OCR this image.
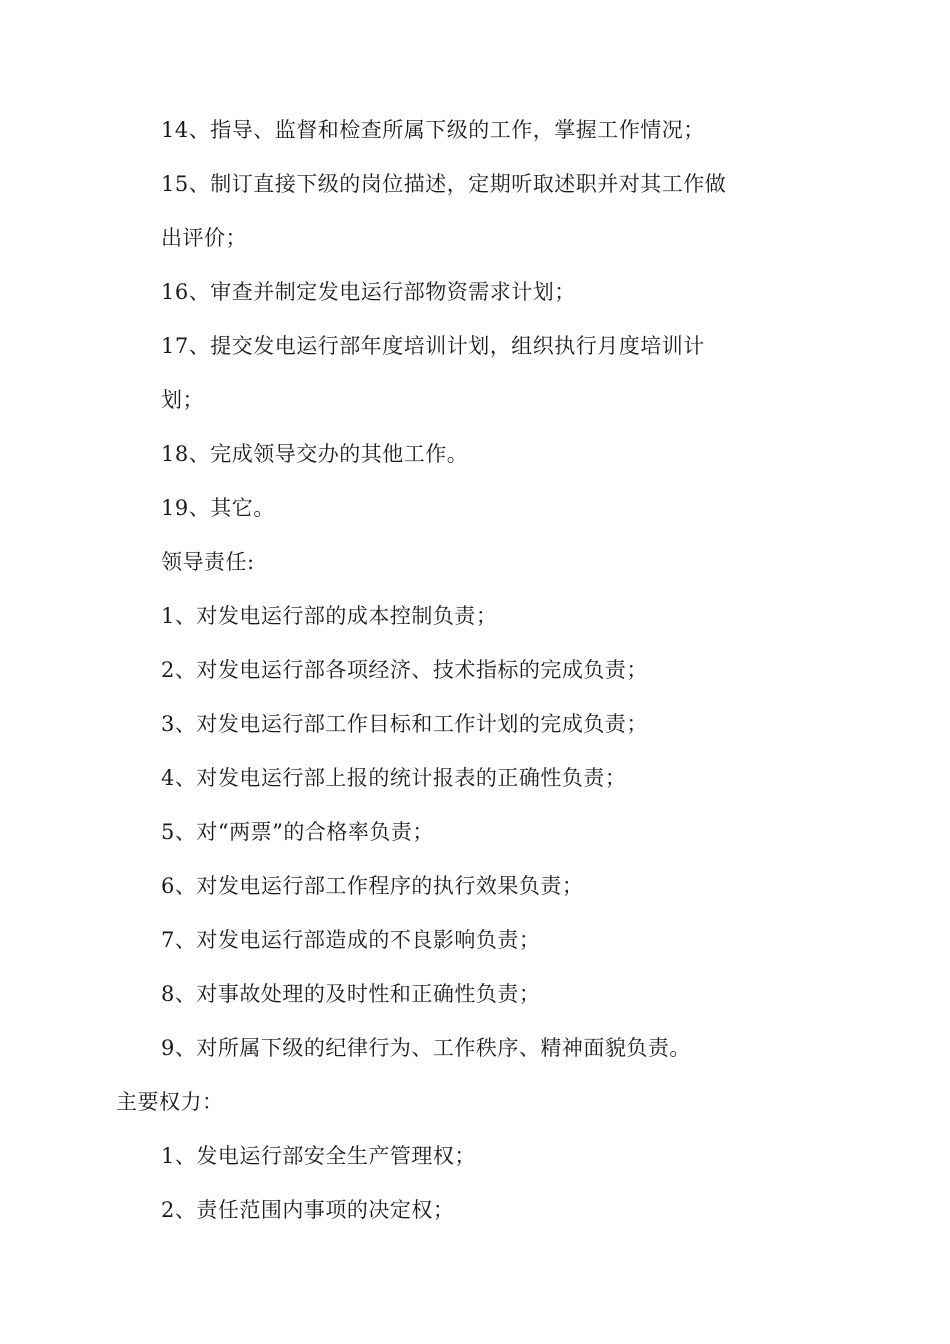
14、指导、监督和检查所属下级的工作，掌握工作情况；
15、制订直接下级的岗位描述，定期听取述职并对其工作做
出评价；
16、审查并制定发电运行部物资需求计划；
17、提交发电运行部年度培训计划，组织执行月度培训计
划；
18、完成领导交办的其他工作。
19、其它。
领导责任:
1、对发电运行部的成本控制负责；
2、对发电运行部各项经济、技术指标的完成负责；
3、对发电运行部工作目标和工作计划的完成负责；
4、对发电运行部上报的统计报表的正确性负责；
5、对“两票”的合格率负责；
6、对发电运行部工作程序的执行效果负责；
7、对发电运行部造成的不良影响负责；
8、对事故处理的及时性和正确性负责；
9、对所属下级的纪律行为、工作秩序、精神面貌负责。
主要权力：
1、发电运行部安全生产管理权；
2、责任范围内事项的决定权；
